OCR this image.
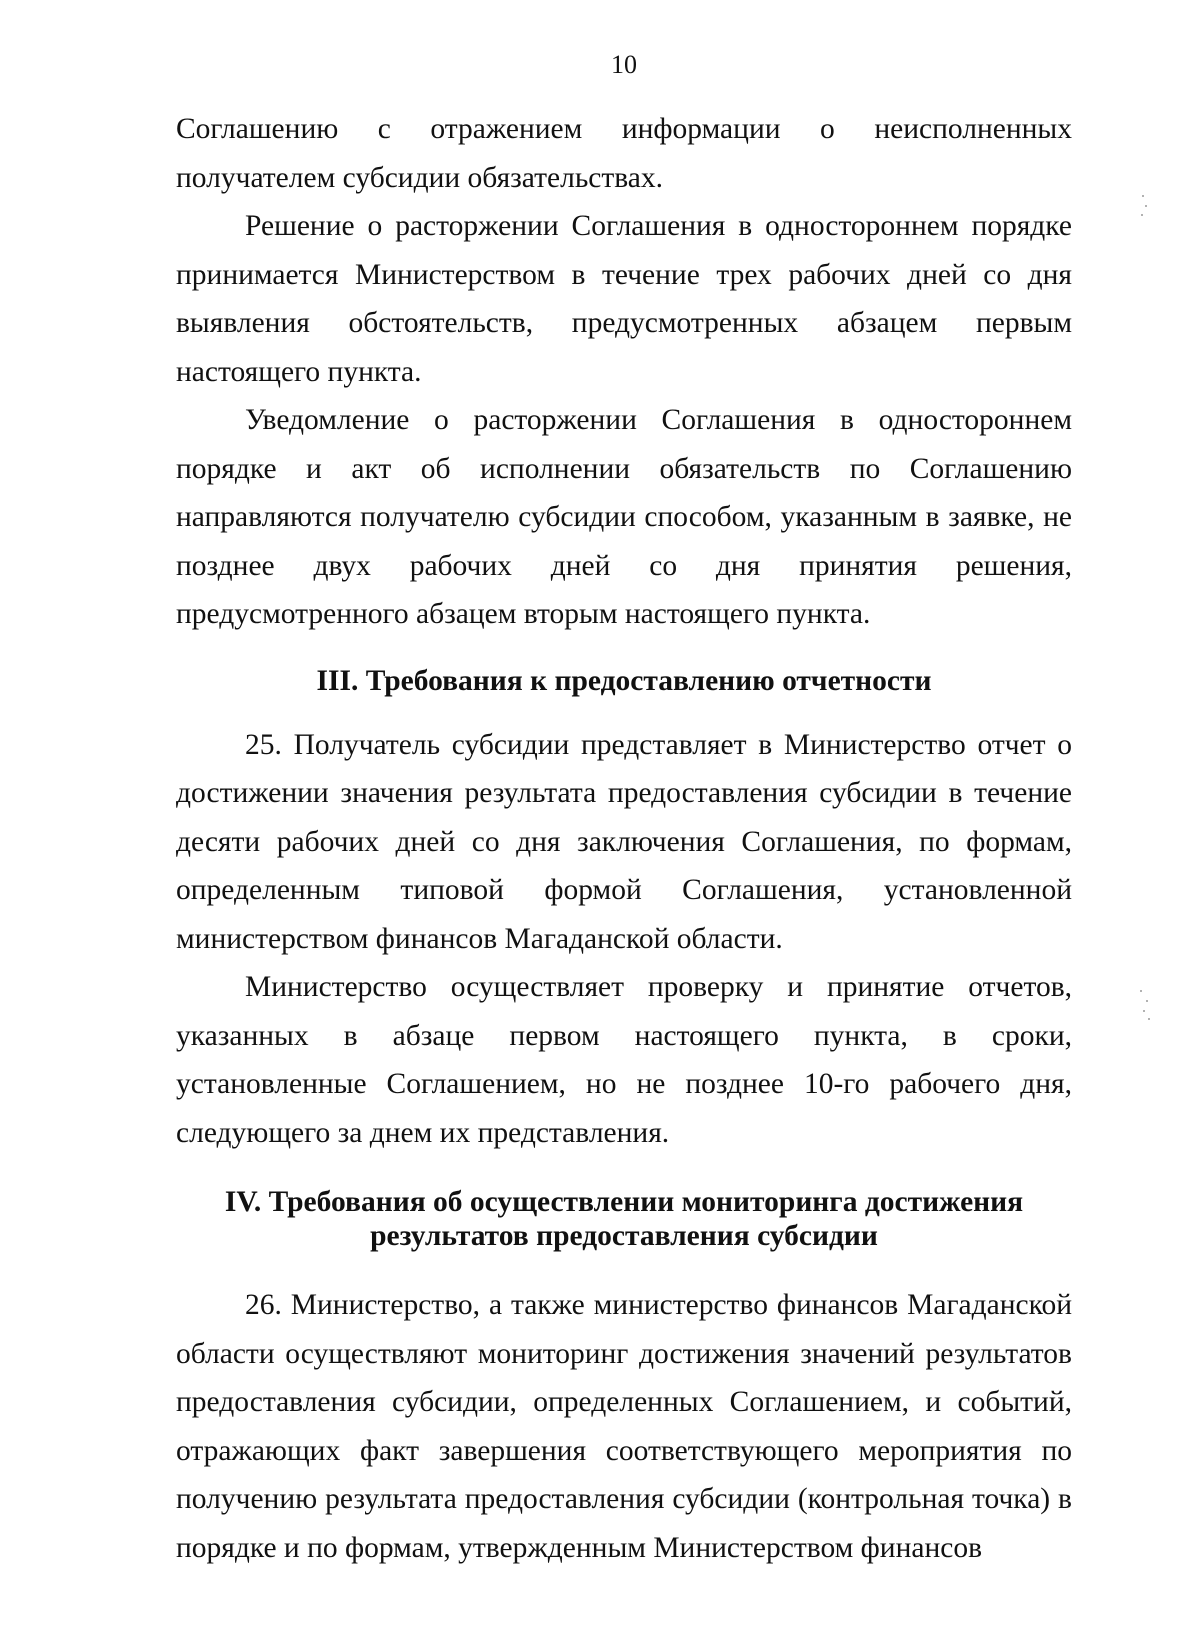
10

Соглашению с отражением информации о неисполненных получателем субсидии обязательствах.

Решение о расторжении Соглашения в одностороннем порядке принимается Министерством в течение трех рабочих дней со дня выявления обстоятельств, предусмотренных абзацем первым настоящего пункта.

Уведомление о расторжении Соглашения в одностороннем порядке и акт об исполнении обязательств по Соглашению направляются получателю субсидии способом, указанным в заявке, не позднее двух рабочих дней со дня принятия решения, предусмотренного абзацем вторым настоящего пункта.

III. Требования к предоставлению отчетности

25. Получатель субсидии представляет в Министерство отчет о достижении значения результата предоставления субсидии в течение десяти рабочих дней со дня заключения Соглашения, по формам, определенным типовой формой Соглашения, установленной министерством финансов Магаданской области.

Министерство осуществляет проверку и принятие отчетов, указанных в абзаце первом настоящего пункта, в сроки, установленные Соглашением, но не позднее 10-го рабочего дня, следующего за днем их представления.

IV. Требования об осуществлении мониторинга достижения
результатов предоставления субсидии

26. Министерство, а также министерство финансов Магаданской области осуществляют мониторинг достижения значений результатов предоставления субсидии, определенных Соглашением, и событий, отражающих факт завершения соответствующего мероприятия по получению результата предоставления субсидии (контрольная точка) в порядке и по формам, утвержденным Министерством финансов
